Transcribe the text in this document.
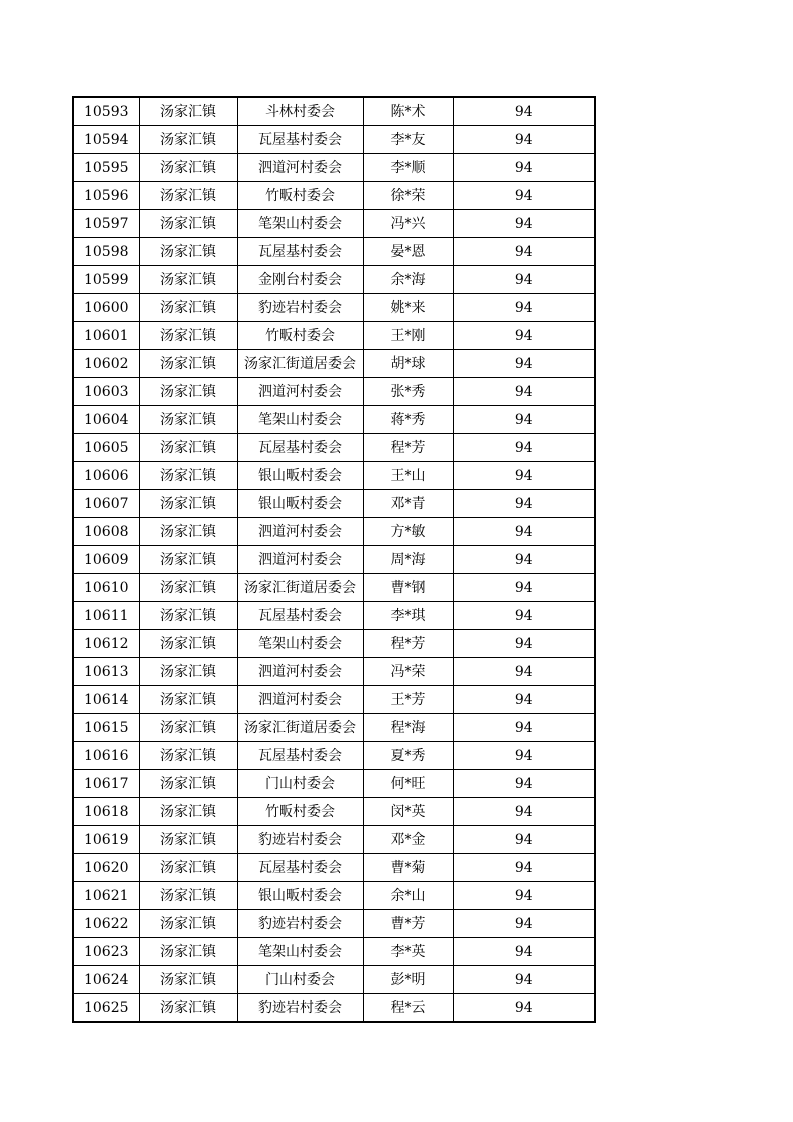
10593	汤家汇镇	斗林村委会	陈*术	94
10594	汤家汇镇	瓦屋基村委会	李*友	94
10595	汤家汇镇	泗道河村委会	李*顺	94
10596	汤家汇镇	竹畈村委会	徐*荣	94
10597	汤家汇镇	笔架山村委会	冯*兴	94
10598	汤家汇镇	瓦屋基村委会	晏*恩	94
10599	汤家汇镇	金刚台村委会	余*海	94
10600	汤家汇镇	豹迹岩村委会	姚*来	94
10601	汤家汇镇	竹畈村委会	王*刚	94
10602	汤家汇镇	汤家汇街道居委会	胡*球	94
10603	汤家汇镇	泗道河村委会	张*秀	94
10604	汤家汇镇	笔架山村委会	蒋*秀	94
10605	汤家汇镇	瓦屋基村委会	程*芳	94
10606	汤家汇镇	银山畈村委会	王*山	94
10607	汤家汇镇	银山畈村委会	邓*青	94
10608	汤家汇镇	泗道河村委会	方*敏	94
10609	汤家汇镇	泗道河村委会	周*海	94
10610	汤家汇镇	汤家汇街道居委会	曹*钢	94
10611	汤家汇镇	瓦屋基村委会	李*琪	94
10612	汤家汇镇	笔架山村委会	程*芳	94
10613	汤家汇镇	泗道河村委会	冯*荣	94
10614	汤家汇镇	泗道河村委会	王*芳	94
10615	汤家汇镇	汤家汇街道居委会	程*海	94
10616	汤家汇镇	瓦屋基村委会	夏*秀	94
10617	汤家汇镇	门山村委会	何*旺	94
10618	汤家汇镇	竹畈村委会	闵*英	94
10619	汤家汇镇	豹迹岩村委会	邓*金	94
10620	汤家汇镇	瓦屋基村委会	曹*菊	94
10621	汤家汇镇	银山畈村委会	余*山	94
10622	汤家汇镇	豹迹岩村委会	曹*芳	94
10623	汤家汇镇	笔架山村委会	李*英	94
10624	汤家汇镇	门山村委会	彭*明	94
10625	汤家汇镇	豹迹岩村委会	程*云	94
